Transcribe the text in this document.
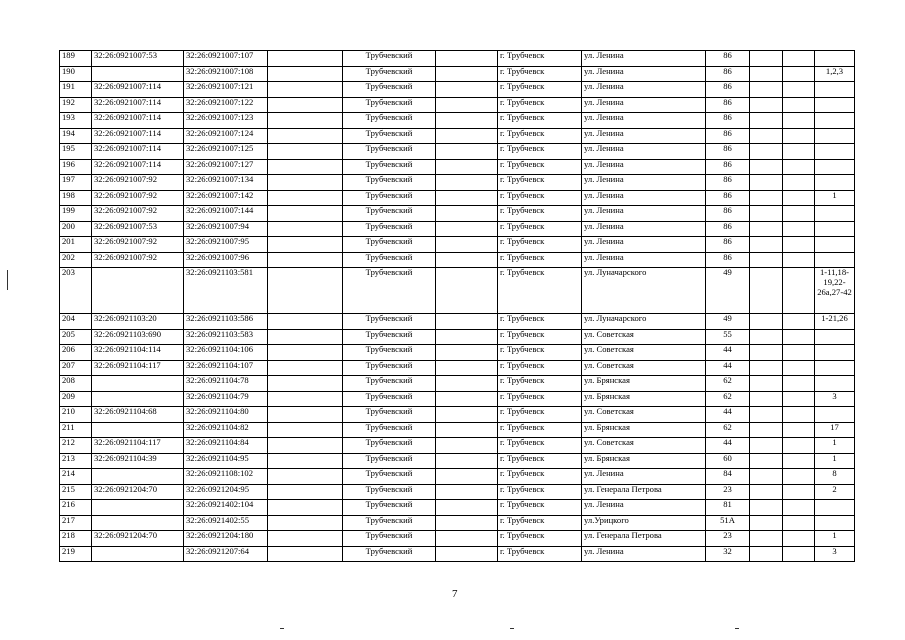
189	32:26:0921007:53	32:26:0921007:107		Трубчевский		г. Трубчевск	ул. Ленина	86			
190		32:26:0921007:108		Трубчевский		г. Трубчевск	ул. Ленина	86			1,2,3
191	32:26:0921007:114	32:26:0921007:121		Трубчевский		г. Трубчевск	ул. Ленина	86			
192	32:26:0921007:114	32:26:0921007:122		Трубчевский		г. Трубчевск	ул. Ленина	86			
193	32:26:0921007:114	32:26:0921007:123		Трубчевский		г. Трубчевск	ул. Ленина	86			
194	32:26:0921007:114	32:26:0921007:124		Трубчевский		г. Трубчевск	ул. Ленина	86			
195	32:26:0921007:114	32:26:0921007:125		Трубчевский		г. Трубчевск	ул. Ленина	86			
196	32:26:0921007:114	32:26:0921007:127		Трубчевский		г. Трубчевск	ул. Ленина	86			
197	32:26:0921007:92	32:26:0921007:134		Трубчевский		г. Трубчевск	ул. Ленина	86			
198	32:26:0921007:92	32:26:0921007:142		Трубчевский		г. Трубчевск	ул. Ленина	86			1
199	32:26:0921007:92	32:26:0921007:144		Трубчевский		г. Трубчевск	ул. Ленина	86			
200	32:26:0921007:53	32:26:0921007:94		Трубчевский		г. Трубчевск	ул. Ленина	86			
201	32:26:0921007:92	32:26:0921007:95		Трубчевский		г. Трубчевск	ул. Ленина	86			
202	32:26:0921007:92	32:26:0921007:96		Трубчевский		г. Трубчевск	ул. Ленина	86			
203		32:26:0921103:581		Трубчевский		г. Трубчевск	ул. Луначарского	49			1-11,18-19,22-26а,27-42
204	32:26:0921103:20	32:26:0921103:586		Трубчевский		г. Трубчевск	ул. Луначарского	49			1-21,26
205	32:26:0921103:690	32:26:0921103:583		Трубчевский		г. Трубчевск	ул. Советская	55			
206	32:26:0921104:114	32:26:0921104:106		Трубчевский		г. Трубчевск	ул. Советская	44			
207	32:26:0921104:117	32:26:0921104:107		Трубчевский		г. Трубчевск	ул. Советская	44			
208		32:26:0921104:78		Трубчевский		г. Трубчевск	ул. Брянская	62			
209		32:26:0921104:79		Трубчевский		г. Трубчевск	ул. Брянская	62			3
210	32:26:0921104:68	32:26:0921104:80		Трубчевский		г. Трубчевск	ул. Советская	44			
211		32:26:0921104:82		Трубчевский		г. Трубчевск	ул. Брянская	62			17
212	32:26:0921104:117	32:26:0921104:84		Трубчевский		г. Трубчевск	ул. Советская	44			1
213	32:26:0921104:39	32:26:0921104:95		Трубчевский		г. Трубчевск	ул. Брянская	60			1
214		32:26:0921108:102		Трубчевский		г. Трубчевск	ул. Ленина	84			8
215	32:26:0921204:70	32:26:0921204:95		Трубчевский		г. Трубчевск	ул. Генерала Петрова	23			2
216		32:26:0921402:104		Трубчевский		г. Трубчевск	ул. Ленина	81			
217		32:26:0921402:55		Трубчевский		г. Трубчевск	ул.Урицкого	51А			
218	32:26:0921204:70	32:26:0921204:180		Трубчевский		г. Трубчевск	ул. Генерала Петрова	23			1
219		32:26:0921207:64		Трубчевский		г. Трубчевск	ул. Ленина	32			3
7
